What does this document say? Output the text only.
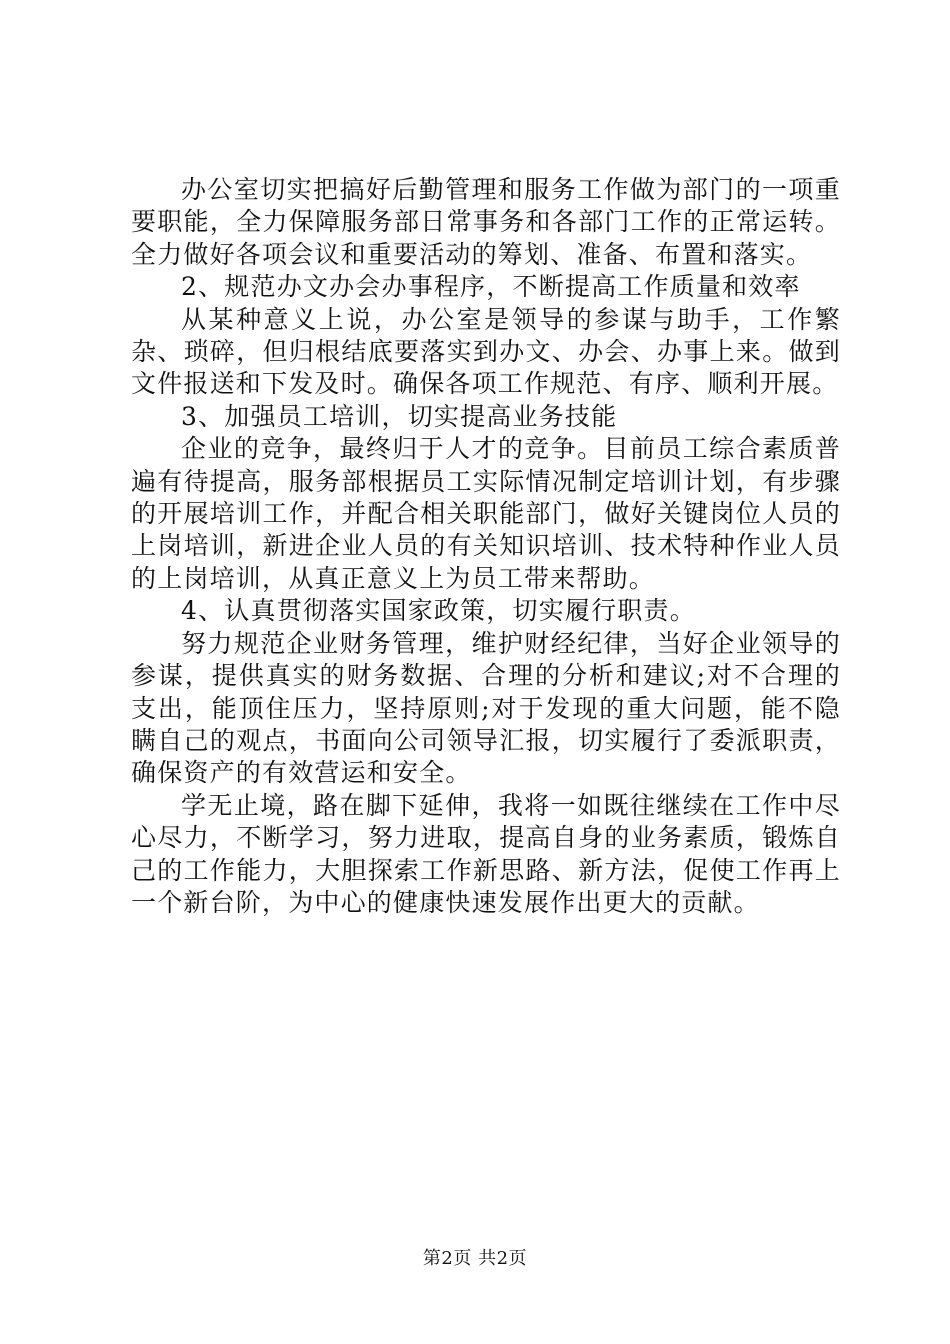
办公室切实把搞好后勤管理和服务工作做为部门的一项重要职能，全力保障服务部日常事务和各部门工作的正常运转。全力做好各项会议和重要活动的筹划、准备、布置和落实。

2、规范办文办会办事程序，不断提高工作质量和效率

从某种意义上说，办公室是领导的参谋与助手，工作繁杂、琐碎，但归根结底要落实到办文、办会、办事上来。做到文件报送和下发及时。确保各项工作规范、有序、顺利开展。

3、加强员工培训，切实提高业务技能

企业的竞争，最终归于人才的竞争。目前员工综合素质普遍有待提高，服务部根据员工实际情况制定培训计划，有步骤的开展培训工作，并配合相关职能部门，做好关键岗位人员的上岗培训，新进企业人员的有关知识培训、技术特种作业人员的上岗培训，从真正意义上为员工带来帮助。

4、认真贯彻落实国家政策，切实履行职责。

努力规范企业财务管理，维护财经纪律，当好企业领导的参谋，提供真实的财务数据、合理的分析和建议;对不合理的支出，能顶住压力，坚持原则;对于发现的重大问题，能不隐瞒自己的观点，书面向公司领导汇报，切实履行了委派职责，确保资产的有效营运和安全。

学无止境，路在脚下延伸，我将一如既往继续在工作中尽心尽力，不断学习，努力进取，提高自身的业务素质，锻炼自己的工作能力，大胆探索工作新思路、新方法，促使工作再上一个新台阶，为中心的健康快速发展作出更大的贡献。

第2页 共2页
